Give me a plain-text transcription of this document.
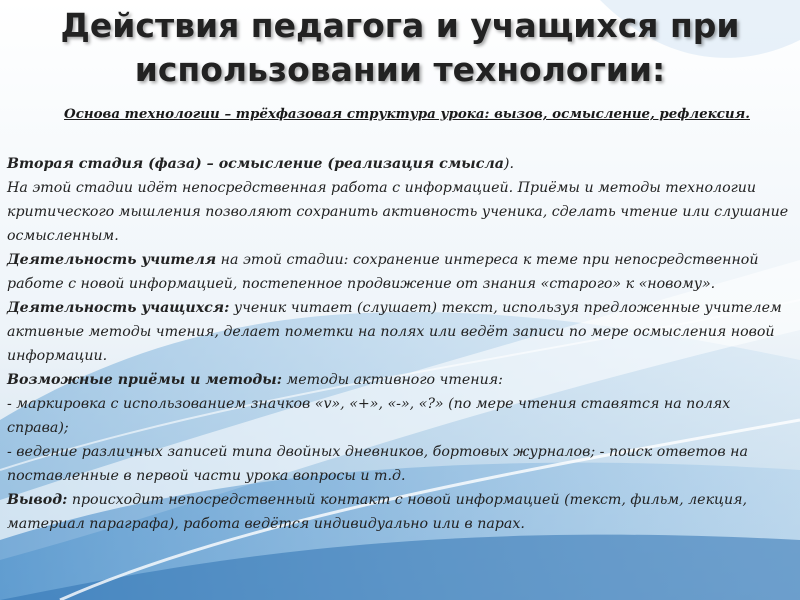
Действия педагога и учащихся при
использовании технологии:
Основа технологии – трёхфазовая структура урока: вызов, осмысление, рефлексия.

Вторая стадия (фаза) – осмысление (реализация смысла).

На этой стадии идёт непосредственная работа с информацией. Приёмы и методы технологии критического мышления позволяют сохранить активность ученика, сделать чтение или слушание осмысленным.

Деятельность учителя на этой стадии: сохранение интереса к теме при непосредственной работе с новой информацией, постепенное продвижение от знания «старого» к «новому».

Деятельность учащихся: ученик читает (слушает) текст, используя предложенные учителем активные методы чтения, делает пометки на полях или ведёт записи по мере осмысления новой информации.

Возможные приёмы и методы: методы активного чтения:

- маркировка с использованием значков «v», «+», «-», «?» (по мере чтения ставятся на полях справа);

- ведение различных записей типа двойных дневников, бортовых журналов; - поиск ответов на поставленные в первой части урока вопросы и т.д.

Вывод: происходит непосредственный контакт с новой информацией (текст, фильм, лекция, материал параграфа), работа ведётся индивидуально или в парах.
